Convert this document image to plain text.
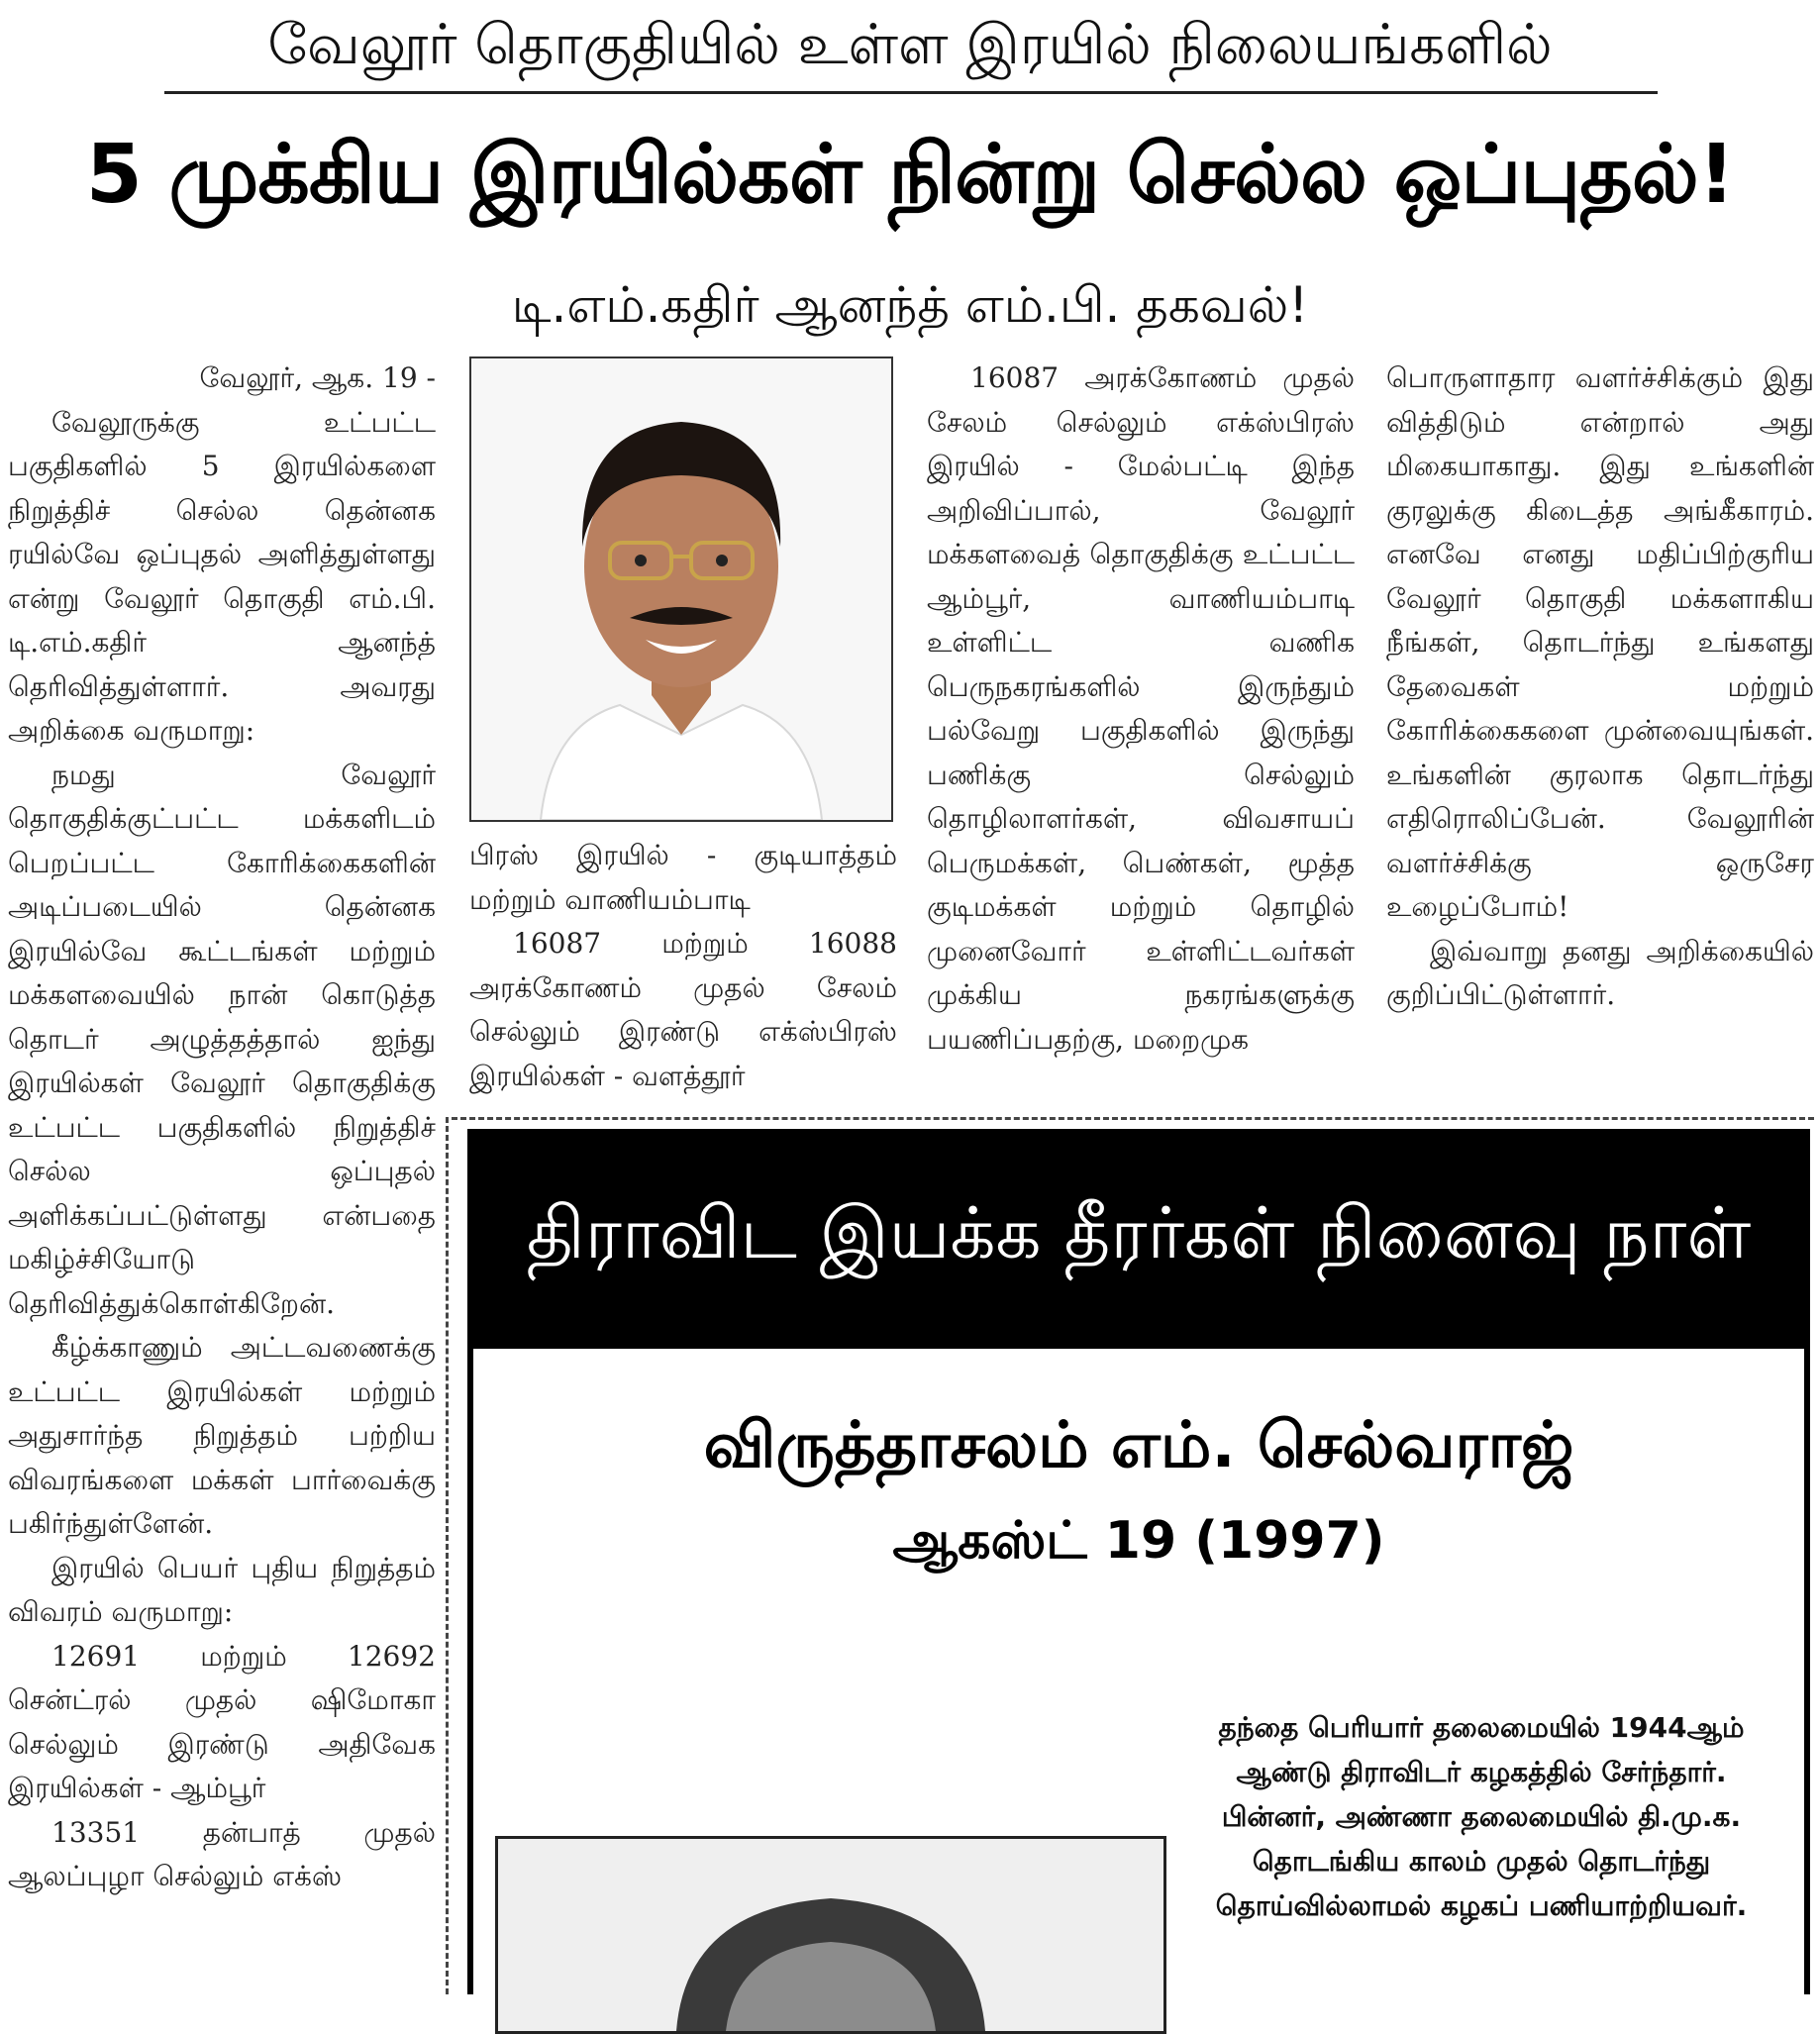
வேலூர் தொகுதியில் உள்ள இரயில் நிலையங்களில்
5 முக்கிய இரயில்கள் நின்று செல்ல ஒப்புதல்!
டி.எம்.கதிர் ஆனந்த் எம்.பி. தகவல்!

வேலூர், ஆக. 19 -

வேலூருக்கு உட்பட்ட பகுதிகளில் 5 இரயில்களை நிறுத்திச் செல்ல தென்னக ரயில்வே ஒப்புதல் அளித்துள்ளது என்று வேலூர் தொகுதி எம்.பி. டி.எம்.கதிர் ஆனந்த் தெரிவித்துள்ளார். அவரது அறிக்கை வருமாறு:

நமது வேலூர் தொகுதிக்குட்பட்ட மக்களிடம் பெறப்பட்ட கோரிக்கைகளின் அடிப்படையில் தென்னக இரயில்வே கூட்டங்கள் மற்றும் மக்களவையில் நான் கொடுத்த தொடர் அழுத்தத்தால் ஐந்து இரயில்கள் வேலூர் தொகுதிக்கு உட்பட்ட பகுதிகளில் நிறுத்திச் செல்ல ஒப்புதல் அளிக்கப்பட்டுள்ளது என்பதை மகிழ்ச்சியோடு தெரிவித்துக்கொள்கிறேன்.

கீழ்க்காணும் அட்டவணைக்கு உட்பட்ட இரயில்கள் மற்றும் அதுசார்ந்த நிறுத்தம் பற்றிய விவரங்களை மக்கள் பார்வைக்கு பகிர்ந்துள்ளேன்.

இரயில் பெயர் புதிய நிறுத்தம் விவரம் வருமாறு:

12691 மற்றும் 12692 சென்ட்ரல் முதல் ஷிமோகா செல்லும் இரண்டு அதிவேக இரயில்கள் - ஆம்பூர்

13351 தன்பாத் முதல் ஆலப்புழா செல்லும் எக்ஸ்

பிரஸ் இரயில் - குடியாத்தம் மற்றும் வாணியம்பாடி

16087 மற்றும் 16088 அரக்கோணம் முதல் சேலம் செல்லும் இரண்டு எக்ஸ்பிரஸ் இரயில்கள் - வளத்தூர்

16087 அரக்கோணம் முதல் சேலம் செல்லும் எக்ஸ்பிரஸ் இரயில் - மேல்பட்டி இந்த அறிவிப்பால், வேலூர் மக்களவைத் தொகுதிக்கு உட்பட்ட ஆம்பூர், வாணியம்பாடி உள்ளிட்ட வணிக பெருநகரங்களில் இருந்தும் பல்வேறு பகுதிகளில் இருந்து பணிக்கு செல்லும் தொழிலாளர்கள், விவசாயப் பெருமக்கள், பெண்கள், மூத்த குடிமக்கள் மற்றும் தொழில் முனைவோர் உள்ளிட்டவர்கள் முக்கிய நகரங்களுக்கு பயணிப்பதற்கு, மறைமுக

பொருளாதார வளர்ச்சிக்கும் இது வித்திடும் என்றால் அது மிகையாகாது. இது உங்களின் குரலுக்கு கிடைத்த அங்கீகாரம். எனவே எனது மதிப்பிற்குரிய வேலூர் தொகுதி மக்களாகிய நீங்கள், தொடர்ந்து உங்களது தேவைகள் மற்றும் கோரிக்கைகளை முன்வையுங்கள். உங்களின் குரலாக தொடர்ந்து எதிரொலிப்பேன். வேலூரின் வளர்ச்சிக்கு ஒருசேர உழைப்போம்!

இவ்வாறு தனது அறிக்கையில் குறிப்பிட்டுள்ளார்.

திராவிட இயக்க தீரர்கள் நினைவு நாள்
விருத்தாசலம் எம். செல்வராஜ்
ஆகஸ்ட் 19 (1997)
தந்தை பெரியார் தலைமையில் 1944ஆம் ஆண்டு திராவிடர் கழகத்தில் சேர்ந்தார். பின்னர், அண்ணா தலைமையில் தி.மு.க. தொடங்கிய காலம் முதல் தொடர்ந்து தொய்வில்லாமல் கழகப் பணியாற்றியவர்.
